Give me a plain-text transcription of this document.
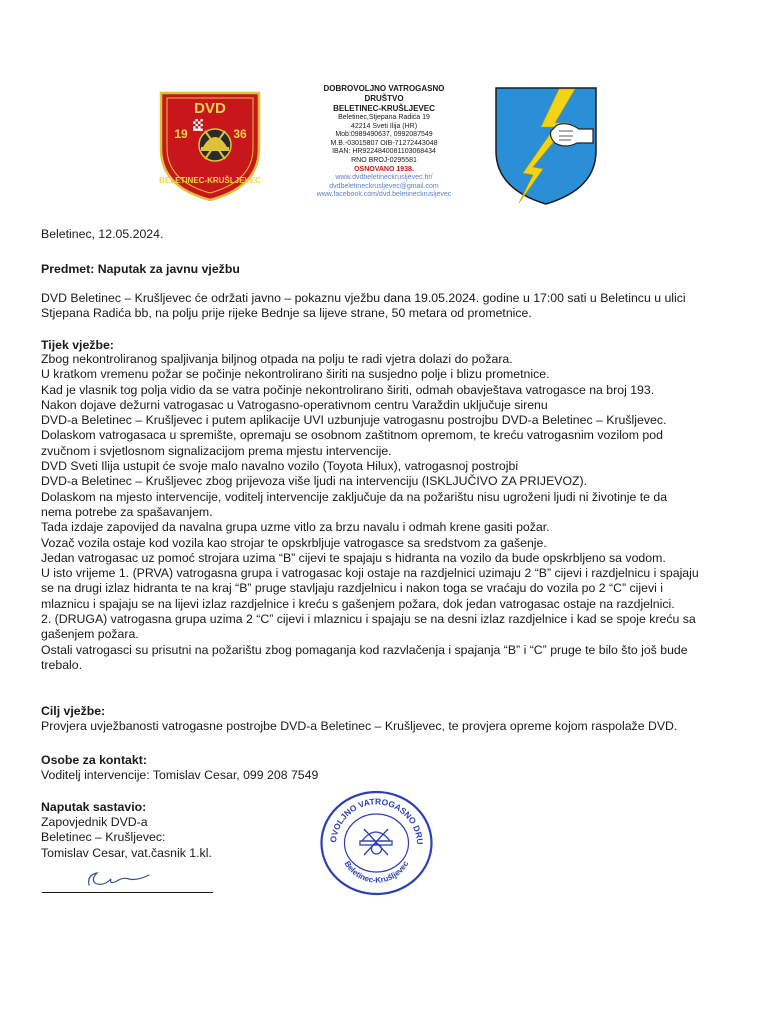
DVD
19	36
BELETINEC-KRUŠLJEVEC
DOBROVOLJNO VATROGASNO
DRUŠTVO
BELETINEC-KRUŠLJEVEC
Beletinec,Stjepana Radića 19
42214 Sveti Ilija (HR)
Mob:0989490637, 0992087549
M.B.-03015807 OIB-71272443048
IBAN: HR9224840081103068434
RNO BROJ-0295581
OSNOVANO 1938.
www.dvdbeletineckrusljevec.hr/
dvdbeletineckrusljevec@gmail.com
www.facebook.com/dvd.beletineckrusljevec
Beletinec, 12.05.2024.
Predmet: Naputak za javnu vježbu
DVD Beletinec – Krušljevec će održati javno – pokaznu vježbu dana 19.05.2024. godine u 17:00 sati u Beletincu u ulici
Stjepana Radića bb, na polju prije rijeke Bednje sa lijeve strane, 50 metara od prometnice.
Tijek vježbe:
Zbog nekontroliranog spaljivanja biljnog otpada na polju te radi vjetra dolazi do požara.
U kratkom vremenu požar se počinje nekontrolirano širiti na susjedno polje i blizu prometnice.
Kad je vlasnik tog polja vidio da se vatra počinje nekontrolirano širiti, odmah obavještava vatrogasce na broj 193.
Nakon dojave dežurni vatrogasac u Vatrogasno-operativnom centru Varaždin uključuje sirenu
DVD-a Beletinec – Krušljevec i putem aplikacije UVI uzbunjuje vatrogasnu postrojbu DVD-a Beletinec – Krušljevec.
Dolaskom vatrogasaca u spremište, opremaju se osobnom zaštitnom opremom, te kreću vatrogasnim vozilom pod
zvučnom i svjetlosnom signalizacijom prema mjestu intervencije.
DVD Sveti Ilija ustupit će svoje malo navalno vozilo (Toyota Hilux), vatrogasnoj postrojbi
DVD-a Beletinec – Krušljevec zbog prijevoza više ljudi na intervenciju (ISKLJUČIVO ZA PRIJEVOZ).
Dolaskom na mjesto intervencije, voditelj intervencije zaključuje da na požarištu nisu ugroženi ljudi ni životinje te da
nema potrebe za spašavanjem.
Tada izdaje zapovijed da navalna grupa uzme vitlo za brzu navalu i odmah krene gasiti požar.
Vozač vozila ostaje kod vozila kao strojar te opskrbljuje vatrogasce sa sredstvom za gašenje.
Jedan vatrogasac uz pomoć strojara uzima “B” cijevi te spajaju s hidranta na vozilo da bude opskrbljeno sa vodom.
U isto vrijeme 1. (PRVA) vatrogasna grupa i vatrogasac koji ostaje na razdjelnici uzimaju 2 “B” cijevi i razdjelnicu i spajaju
se na drugi izlaz hidranta te na kraj “B” pruge stavljaju razdjelnicu i nakon toga se vraćaju do vozila po 2 “C” cijevi i
mlaznicu i spajaju se na lijevi izlaz razdjelnice i kreću s gašenjem požara, dok jedan vatrogasac ostaje na razdjelnici.
2. (DRUGA) vatrogasna grupa uzima 2 “C” cijevi i mlaznicu i spajaju se na desni izlaz razdjelnice i kad se spoje kreću sa
gašenjem požara.
Ostali vatrogasci su prisutni na požarištu zbog pomaganja kod razvlačenja i spajanja “B” i “C” pruge te bilo što još bude
trebalo.
Cilj vježbe:
Provjera uvježbanosti vatrogasne postrojbe DVD-a Beletinec – Krušljevec, te provjera opreme kojom raspolaže DVD.
Osobe za kontakt:
Voditelj intervencije: Tomislav Cesar, 099 208 7549
Naputak sastavio:
Zapovjednik DVD-a
Beletinec – Krušljevec:
Tomislav Cesar, vat.časnik 1.kl.
OVOLJNO VATROGASNO DRU
Beletinec-Krušljevec
